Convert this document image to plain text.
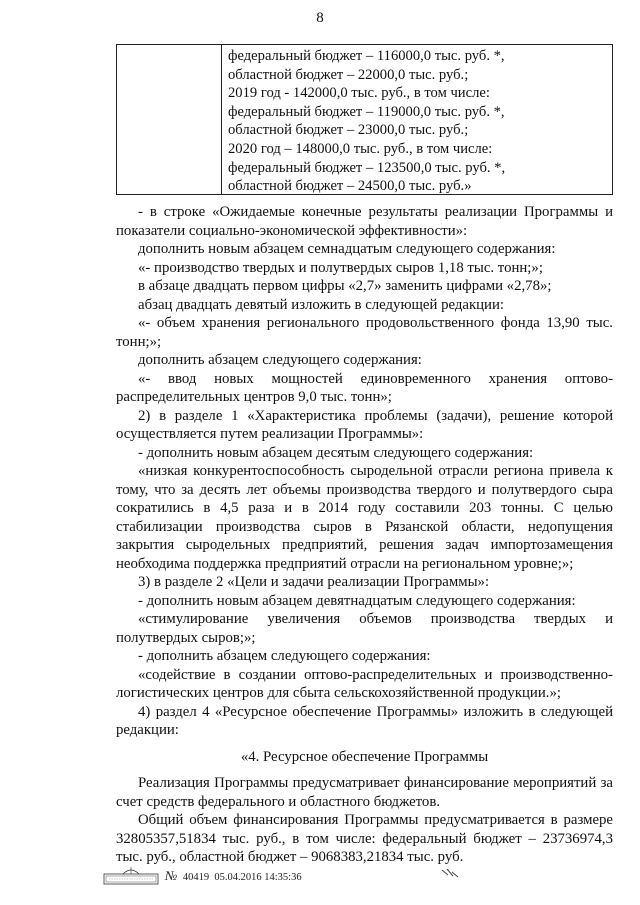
8
федеральный бюджет – 116000,0 тыс. руб. *,
областной бюджет – 22000,0 тыс. руб.;
2019 год - 142000,0 тыс. руб., в том числе:
федеральный бюджет – 119000,0 тыс. руб. *,
областной бюджет – 23000,0 тыс. руб.;
2020 год – 148000,0 тыс. руб., в том числе:
федеральный бюджет – 123500,0 тыс. руб. *,
областной бюджет – 24500,0 тыс. руб.»

- в строке «Ожидаемые конечные результаты реализации Программы и показатели социально-экономической эффективности»:

дополнить новым абзацем семнадцатым следующего содержания:

«- производство твердых и полутвердых сыров 1,18 тыс. тонн;»;

в абзаце двадцать первом цифры «2,7» заменить цифрами «2,78»;

абзац двадцать девятый изложить в следующей редакции:

«- объем хранения регионального продовольственного фонда 13,90 тыс. тонн;»;

дополнить абзацем следующего содержания:

«- ввод новых мощностей единовременного хранения оптово-распределительных центров 9,0 тыс. тонн»;

2) в разделе 1 «Характеристика проблемы (задачи), решение которой осуществляется путем реализации Программы»:

- дополнить новым абзацем десятым следующего содержания:

«низкая конкурентоспособность сыродельной отрасли региона привела к тому, что за десять лет объемы производства твердого и полутвердого сыра сократились в 4,5 раза и в 2014 году составили 203 тонны. С целью стабилизации производства сыров в Рязанской области, недопущения закрытия сыродельных предприятий, решения задач импортозамещения необходима поддержка предприятий отрасли на региональном уровне;»;

3) в разделе 2 «Цели и задачи реализации Программы»:

- дополнить новым абзацем девятнадцатым следующего содержания:

«стимулирование увеличения объемов производства твердых и полутвердых сыров;»;

- дополнить абзацем следующего содержания:

«содействие в создании оптово-распределительных и производственно-логистических центров для сбыта сельскохозяйственной продукции.»;

4) раздел 4 «Ресурсное обеспечение Программы» изложить в следующей редакции:

«4. Ресурсное обеспечение Программы

Реализация Программы предусматривает финансирование мероприятий за счет средств федерального и областного бюджетов.

Общий объем финансирования Программы предусматривается в размере 32805357,51834 тыс. руб., в том числе: федеральный бюджет – 23736974,3 тыс. руб., областной бюджет – 9068383,21834 тыс. руб.

№ 40419 05.04.2016 14:35:36
